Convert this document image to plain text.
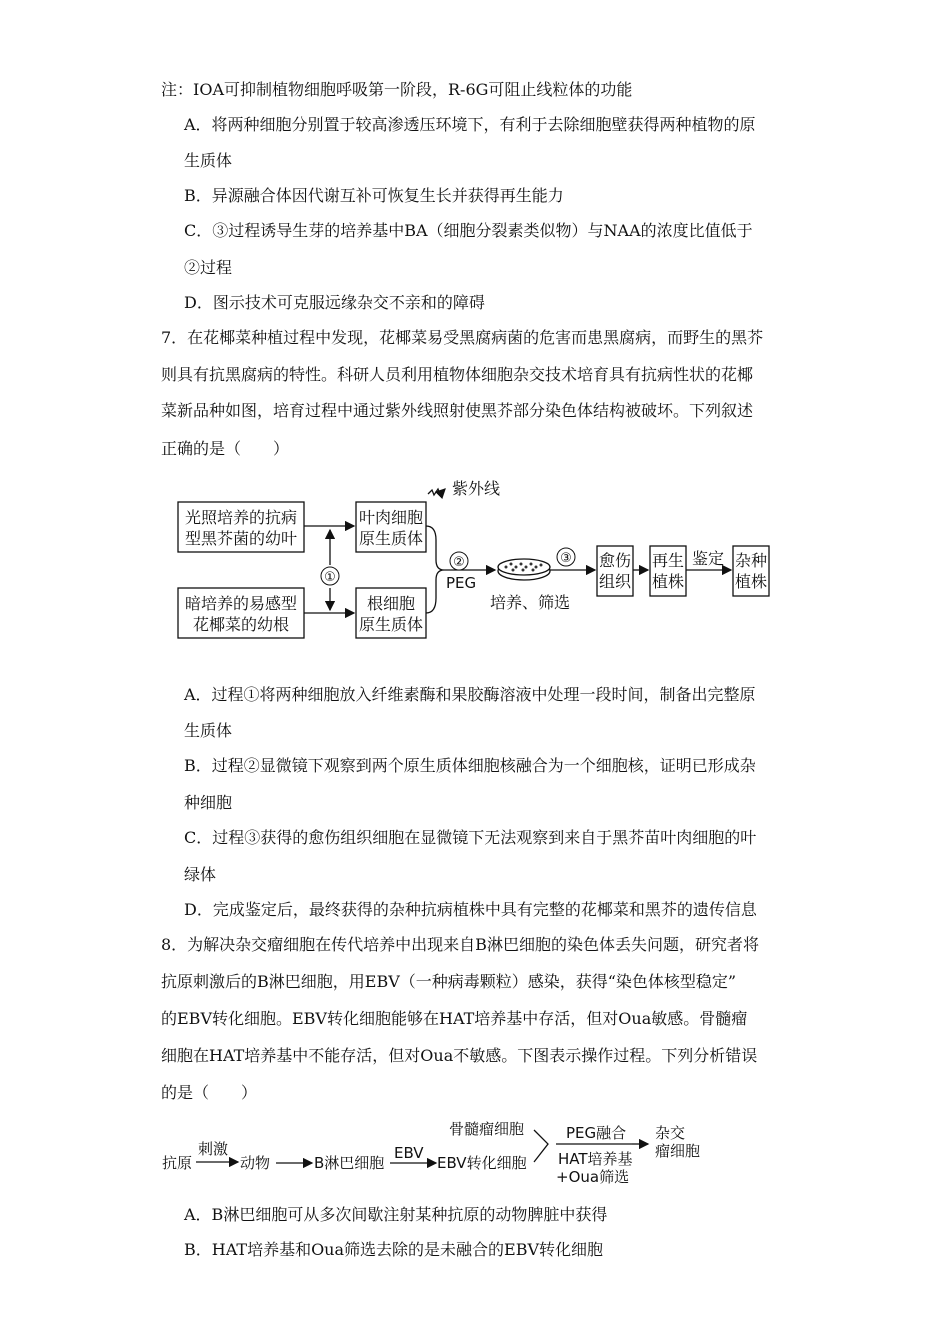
注：IOA可抑制植物细胞呼吸第一阶段，R-6G可阻止线粒体的功能
A．将两种细胞分别置于较高渗透压环境下，有利于去除细胞壁获得两种植物的原
生质体
B．异源融合体因代谢互补可恢复生长并获得再生能力
C．③过程诱导生芽的培养基中BA（细胞分裂素类似物）与NAA的浓度比值低于
②过程
D．图示技术可克服远缘杂交不亲和的障碍
7．在花椰菜种植过程中发现，花椰菜易受黑腐病菌的危害而患黑腐病，而野生的黑芥
则具有抗黑腐病的特性。科研人员利用植物体细胞杂交技术培育具有抗病性状的花椰
菜新品种如图，培育过程中通过紫外线照射使黑芥部分染色体结构被破坏。下列叙述
正确的是（　　）
光照培养的抗病
型黑芥菌的幼叶
暗培养的易感型
花椰菜的幼根
①
叶肉细胞
原生质体
根细胞
原生质体
紫外线
②
PEG
培养、筛选
③ 愈伤
组织
再生
植株
鉴定 杂种
植株
A．过程①将两种细胞放入纤维素酶和果胶酶溶液中处理一段时间，制备出完整原
生质体
B．过程②显微镜下观察到两个原生质体细胞核融合为一个细胞核，证明已形成杂
种细胞
C．过程③获得的愈伤组织细胞在显微镜下无法观察到来自于黑芥苗叶肉细胞的叶
绿体
D．完成鉴定后，最终获得的杂种抗病植株中具有完整的花椰菜和黑芥的遗传信息
8．为解决杂交瘤细胞在传代培养中出现来自B淋巴细胞的染色体丢失问题，研究者将
抗原刺激后的B淋巴细胞，用EBV（一种病毒颗粒）感染，获得“染色体核型稳定”
的EBV转化细胞。EBV转化细胞能够在HAT培养基中存活，但对Oua敏感。骨髓瘤
细胞在HAT培养基中不能存活，但对Oua不敏感。下图表示操作过程。下列分析错误
的是（　　）
抗原
刺激
动物	B淋巴细胞
EBV
EBV转化细胞
骨髓瘤细胞	PEG融合
HAT培养基
+Oua筛选
杂交
瘤细胞
A．B淋巴细胞可从多次间歇注射某种抗原的动物脾脏中获得
B．HAT培养基和Oua筛选去除的是未融合的EBV转化细胞
